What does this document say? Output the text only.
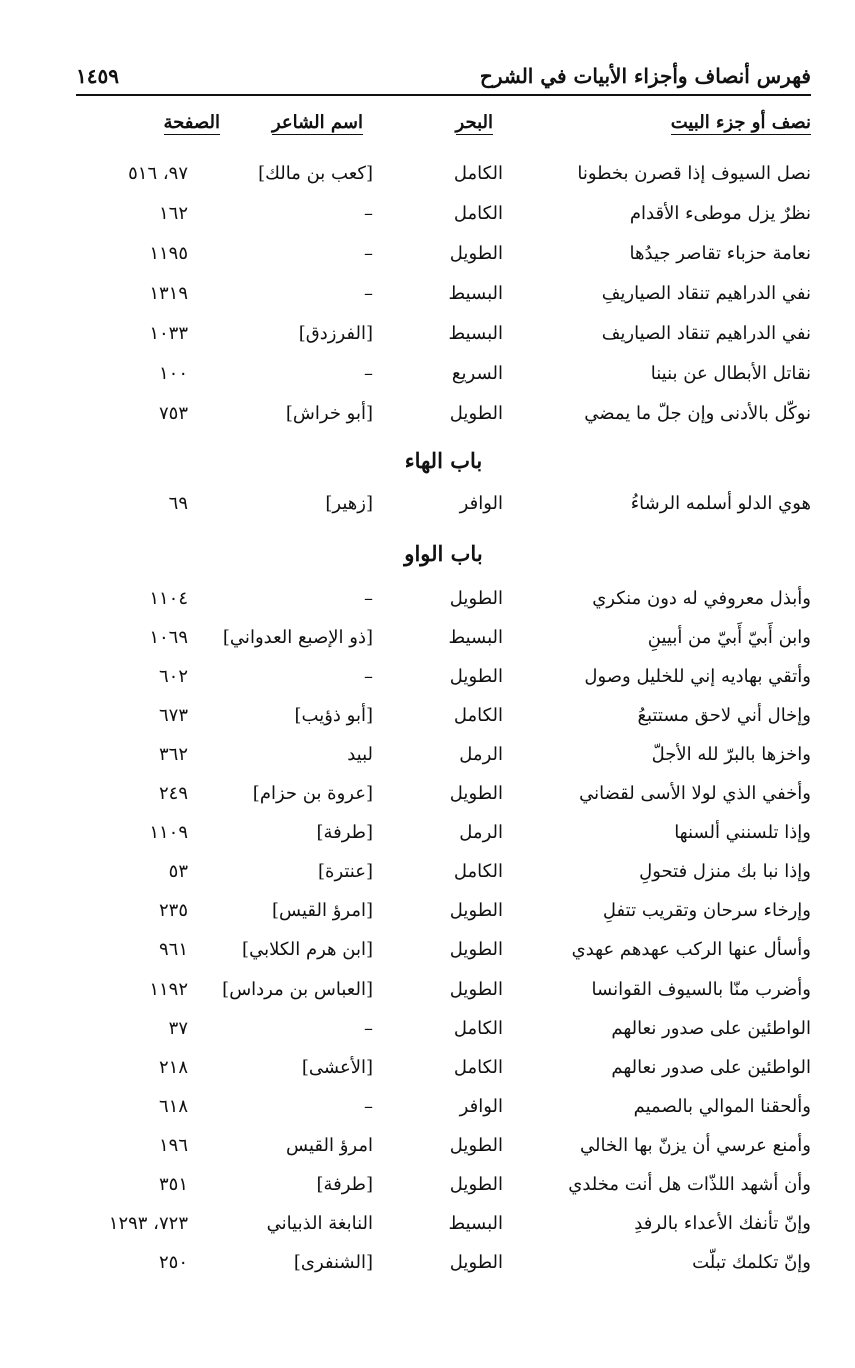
فهرس أنصاف وأجزاء الأبيات في الشرح
١٤٥٩
نصف أو جزء البيت
البحر
اسم الشاعر
الصفحة
نصل السيوف إذا قصرن بخطونا
الكامل
[كعب بن مالك]
٩٧، ٥١٦
نظرٌ يزل موطىء الأقدام
الكامل
–
١٦٢
نعامة حزباء تقاصر جيدُها
الطويل
–
١١٩٥
نفي الدراهيم تنقاد الصياريفِ
البسيط
–
١٣١٩
نفي الدراهيم تنقاد الصياريف
البسيط
[الفرزدق]
١٠٣٣
نقاتل الأبطال عن بنينا
السريع
–
١٠٠
نوكّل بالأدنى وإن جلّ ما يمضي
الطويل
[أبو خراش]
٧٥٣
باب الهاء
هوي الدلو أسلمه الرشاءُ
الوافر
[زهير]
٦٩
باب الواو
وأبذل معروفي له دون منكري
الطويل
–
١١٠٤
وابن أَبيّ أَبيّ من أبيينِ
البسيط
[ذو الإصبع العدواني]
١٠٦٩
وأتقي بهاديه إني للخليل وصول
الطويل
–
٦٠٢
وإخال أني لاحق مستتبعُ
الكامل
[أبو ذؤيب]
٦٧٣
واخزها بالبرّ لله الأجلّ
الرمل
لبيد
٣٦٢
وأخفي الذي لولا الأسى لقضاني
الطويل
[عروة بن حزام]
٢٤٩
وإذا تلسنني ألسنها
الرمل
[طرفة]
١١٠٩
وإذا نبا بك منزل فتحولِ
الكامل
[عنترة]
٥٣
وإرخاء سرحان وتقريب تتفلِ
الطويل
[امرؤ القيس]
٢٣٥
وأسأل عنها الركب عهدهم عهدي
الطويل
[ابن هرم الكلابي]
٩٦١
وأضرب منّا بالسيوف القوانسا
الطويل
[العباس بن مرداس]
١١٩٢
الواطئين على صدور نعالهم
الكامل
–
٣٧
الواطئين على صدور نعالهم
الكامل
[الأعشى]
٢١٨
وألحقنا الموالي بالصميم
الوافر
–
٦١٨
وأمنع عرسي أن يزنّ بها الخالي
الطويل
امرؤ القيس
١٩٦
وأن أشهد اللذّات هل أنت مخلدي
الطويل
[طرفة]
٣٥١
وإنّ تأنفك الأعداء بالرفدِ
البسيط
النابغة الذبياني
٧٢٣، ١٢٩٣
وإنّ تكلمك تبلّت
الطويل
[الشنفرى]
٢٥٠
